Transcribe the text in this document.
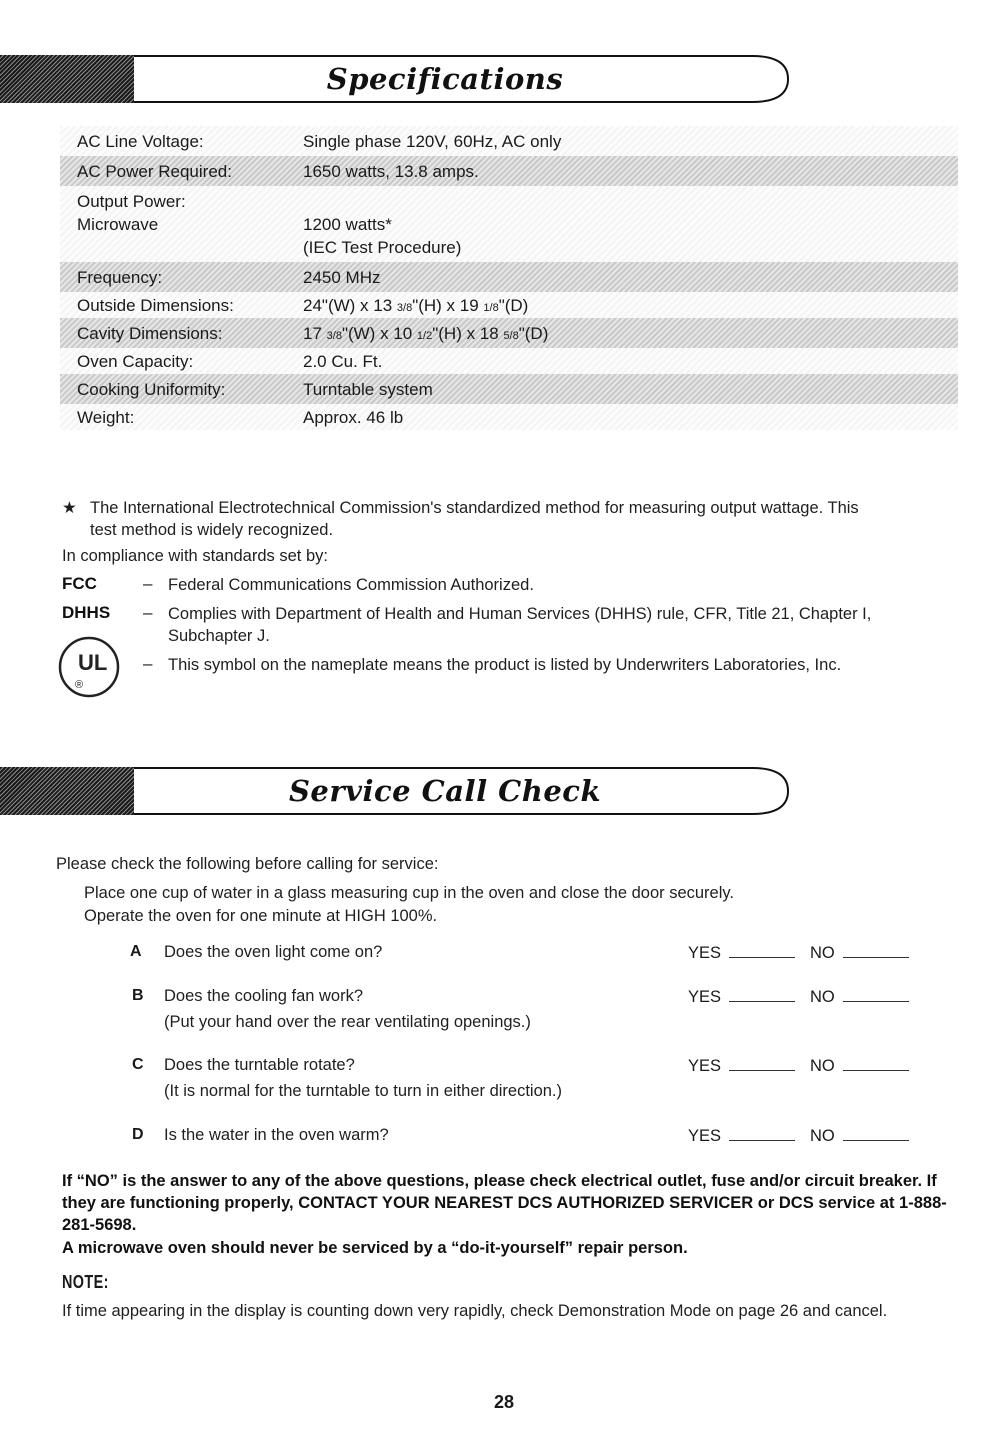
Specifications
AC Line Voltage:	Single phase 120V, 60Hz, AC only
AC Power Required:	1650 watts, 13.8 amps.
Output Power:
Microwave	1200 watts*
(IEC Test Procedure)
Frequency:	2450 MHz
Outside Dimensions:	24"(W) x 13 3/8"(H) x 19 1/8"(D)
Cavity Dimensions:	17 3/8"(W) x 10 1/2"(H) x 18 5/8"(D)
Oven Capacity:	2.0 Cu. Ft.
Cooking Uniformity:	Turntable system
Weight:	Approx. 46 lb
★ The International Electrotechnical Commission's standardized method for measuring output wattage. This
test method is widely recognized.
In compliance with standards set by:
FCC	– Federal Communications Commission Authorized.
DHHS – Complies with Department of Health and Human Services (DHHS) rule, CFR, Title 21, Chapter I,
Subchapter J.
UL
®
– This symbol on the nameplate means the product is listed by Underwriters Laboratories, Inc.
Service Call Check
Please check the following before calling for service:
Place one cup of water in a glass measuring cup in the oven and close the door securely.
Operate the oven for one minute at HIGH 100%.
A Does the oven light come on?	YES	NO
B Does the cooling fan work?
(Put your hand over the rear ventilating openings.)
YES	NO
C Does the turntable rotate?
(It is normal for the turntable to turn in either direction.)
YES	NO
D Is the water in the oven warm?	YES	NO
If “NO” is the answer to any of the above questions, please check electrical outlet, fuse and/or circuit breaker. If they are functioning properly, CONTACT YOUR NEAREST DCS AUTHORIZED SERVICER or DCS service at 1-888-281-5698.
A microwave oven should never be serviced by a “do-it-yourself” repair person.
NOTE:
If time appearing in the display is counting down very rapidly, check Demonstration Mode on page 26 and cancel.
28
